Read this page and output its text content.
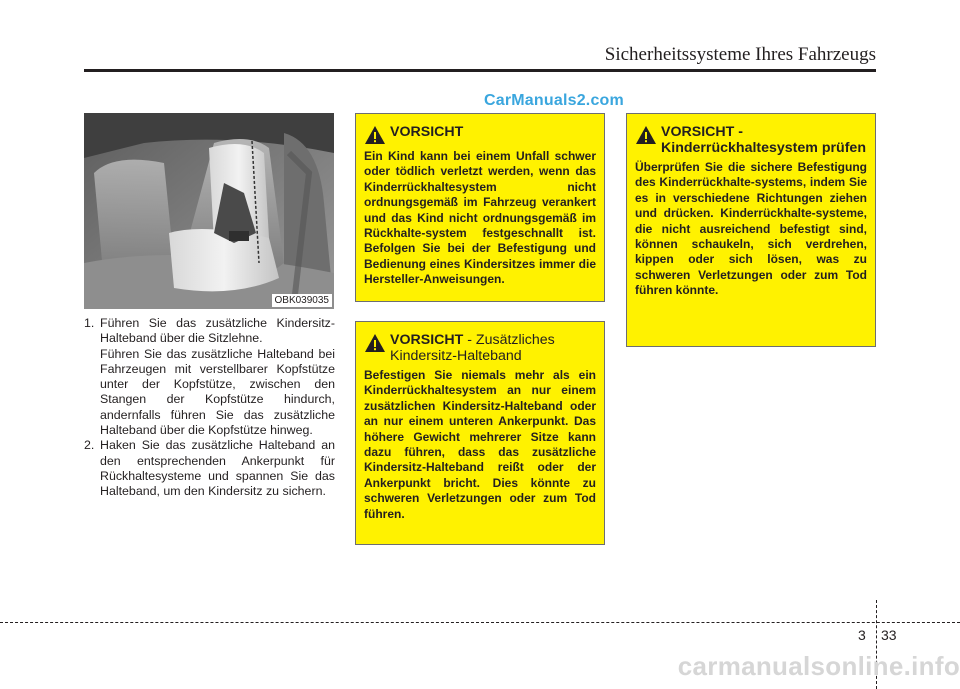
Sicherheitssysteme Ihres Fahrzeugs
CarManuals2.com
OBK039035
1. Führen Sie das zusätzliche Kindersitz-Halteband über die Sitzlehne.

Führen Sie das zusätzliche Halteband bei Fahrzeugen mit verstellbarer Kopfstütze unter der Kopfstütze, zwischen den Stangen der Kopfstütze hindurch, andernfalls führen Sie das zusätzliche Halteband über die Kopfstütze hinweg.

2. Haken Sie das zusätzliche Halteband an den entsprechenden Ankerpunkt für Rückhaltesysteme und spannen Sie das Halteband, um den Kindersitz zu sichern.

VORSICHT
Ein Kind kann bei einem Unfall schwer oder tödlich verletzt werden, wenn das Kinderrückhaltesystem nicht ordnungsgemäß im Fahrzeug verankert und das Kind nicht ordnungsgemäß im Rückhalte-system festgeschnallt ist. Befolgen Sie bei der Befestigung und Bedienung eines Kindersitzes immer die Hersteller-Anweisungen.
VORSICHT - Zusätzliches Kindersitz-Halteband
Befestigen Sie niemals mehr als ein Kinderrückhaltesystem an nur einem zusätzlichen Kindersitz-Halteband oder an nur einem unteren Ankerpunkt. Das höhere Gewicht mehrerer Sitze kann dazu führen, dass das zusätzliche Kindersitz-Halteband reißt oder der Ankerpunkt bricht. Dies könnte zu schweren Verletzungen oder zum Tod führen.
VORSICHT - Kinderrückhaltesystem prüfen
Überprüfen Sie die sichere Befestigung des Kinderrückhalte-systems, indem Sie es in verschiedene Richtungen ziehen und drücken. Kinderrückhalte-systeme, die nicht ausreichend befestigt sind, können schaukeln, sich verdrehen, kippen oder sich lösen, was zu schweren Verletzungen oder zum Tod führen könnte.
3 33
carmanualsonline.info
